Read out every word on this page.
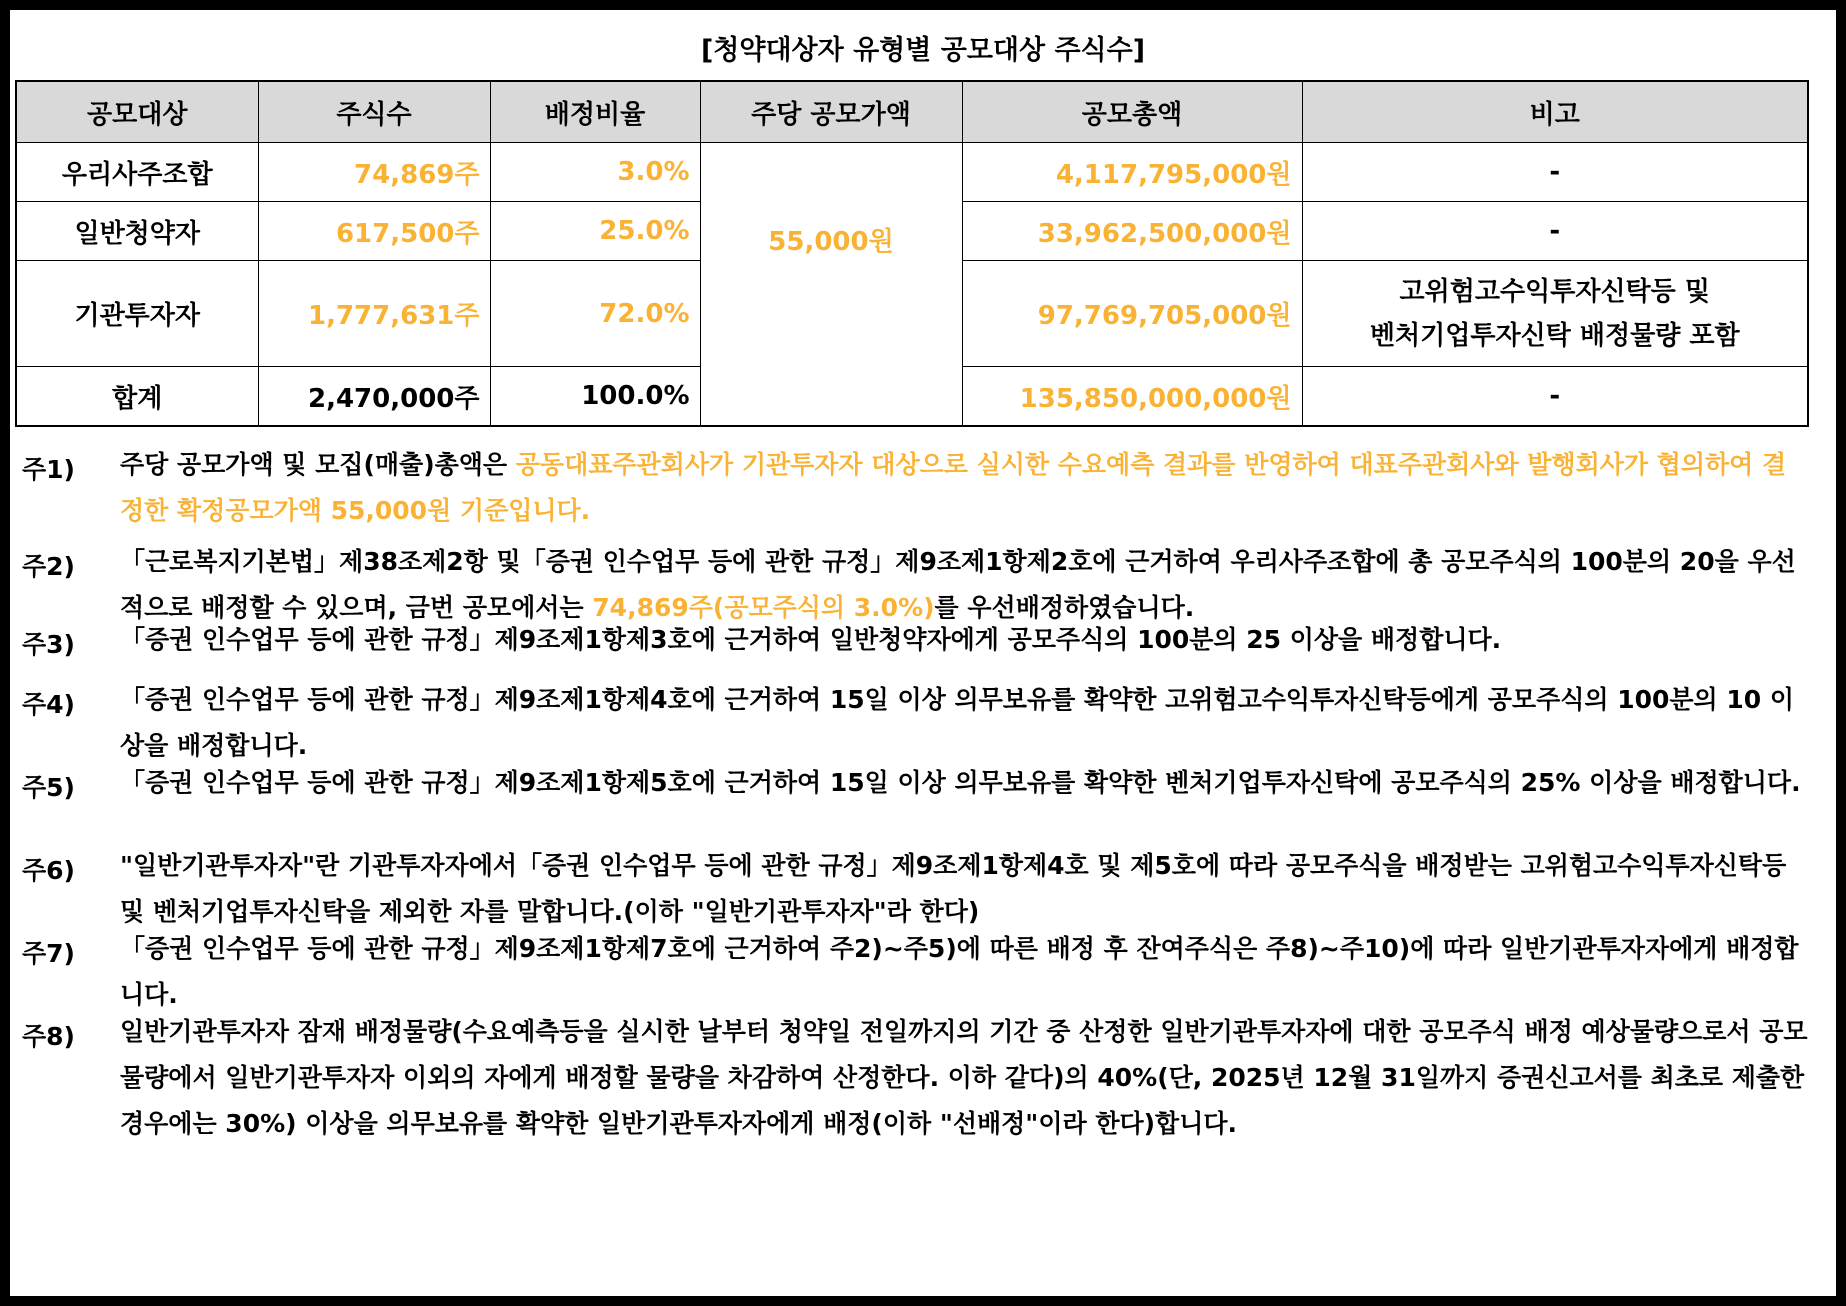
[청약대상자 유형별 공모대상 주식수]
공모대상	주식수	배정비율	주당 공모가액	공모총액	비고
우리사주조합	74,869주	3.0%	55,000원	4,117,795,000원	-
일반청약자	617,500주	25.0%		33,962,500,000원	-
기관투자자	1,777,631주	72.0%		97,769,705,000원	고위험고수익투자신탁등 및
벤처기업투자신탁 배정물량 포함

합계	2,470,000주	100.0%		135,850,000,000원	-
주1)	주당 공모가액 및 모집(매출)총액은 공동대표주관회사가 기관투자자 대상으로 실시한 수요예측 결과를 반영하여 대표주관회사와 발행회사가 협의하여 결정한 확정공모가액 55,000원 기준입니다.
주2)	「근로복지기본법」제38조제2항 및「증권 인수업무 등에 관한 규정」제9조제1항제2호에 근거하여 우리사주조합에 총 공모주식의 100분의 20을 우선적으로 배정할 수 있으며, 금번 공모에서는 74,869주(공모주식의 3.0%)를 우선배정하였습니다.
주3)	「증권 인수업무 등에 관한 규정」제9조제1항제3호에 근거하여 일반청약자에게 공모주식의 100분의 25 이상을 배정합니다.
주4)	「증권 인수업무 등에 관한 규정」제9조제1항제4호에 근거하여 15일 이상 의무보유를 확약한 고위험고수익투자신탁등에게 공모주식의 100분의 10 이상을 배정합니다.
주5)	「증권 인수업무 등에 관한 규정」제9조제1항제5호에 근거하여 15일 이상 의무보유를 확약한 벤처기업투자신탁에 공모주식의 25% 이상을 배정합니다.
주6)	"일반기관투자자"란 기관투자자에서「증권 인수업무 등에 관한 규정」제9조제1항제4호 및 제5호에 따라 공모주식을 배정받는 고위험고수익투자신탁등 및 벤처기업투자신탁을 제외한 자를 말합니다.(이하 "일반기관투자자"라 한다)
주7)	「증권 인수업무 등에 관한 규정」제9조제1항제7호에 근거하여 주2)~주5)에 따른 배정 후 잔여주식은 주8)~주10)에 따라 일반기관투자자에게 배정합니다.
주8)	일반기관투자자 잠재 배정물량(수요예측등을 실시한 날부터 청약일 전일까지의 기간 중 산정한 일반기관투자자에 대한 공모주식 배정 예상물량으로서 공모물량에서 일반기관투자자 이외의 자에게 배정할 물량을 차감하여 산정한다. 이하 같다)의 40%(단, 2025년 12월 31일까지 증권신고서를 최초로 제출한 경우에는 30%) 이상을 의무보유를 확약한 일반기관투자자에게 배정(이하 "선배정"이라 한다)합니다.
